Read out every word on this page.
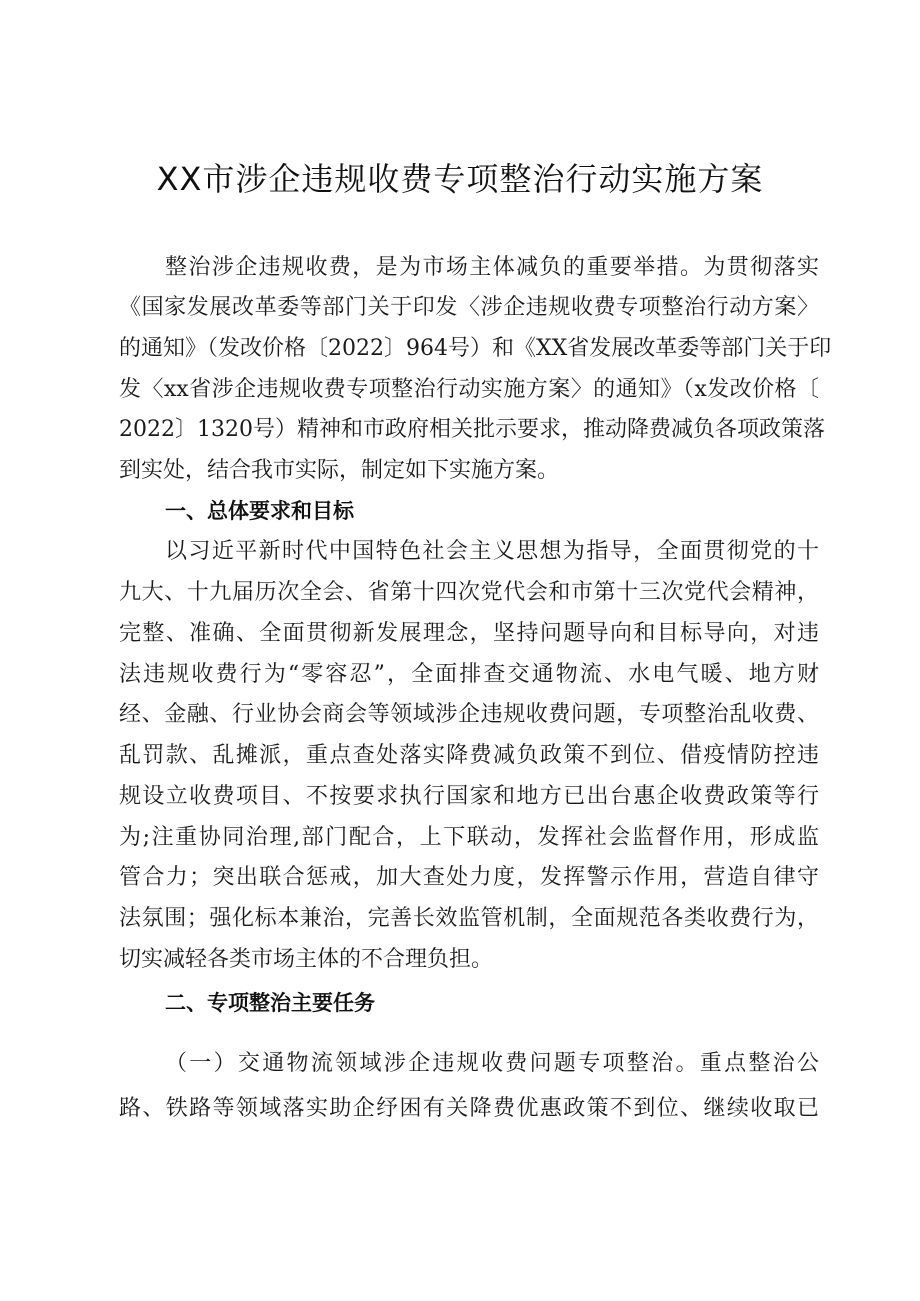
XX市涉企违规收费专项整治行动实施方案
整治涉企违规收费，是为市场主体减负的重要举措。为贯彻落实
《国家发展改革委等部门关于印发〈涉企违规收费专项整治行动方案〉
的通知》（发改价格〔2022〕964号）和《XX省发展改革委等部门关于印
发〈xx省涉企违规收费专项整治行动实施方案〉的通知》（x发改价格〔
2022〕1320号）精神和市政府相关批示要求，推动降费减负各项政策落
到实处，结合我市实际，制定如下实施方案。
一、总体要求和目标
以习近平新时代中国特色社会主义思想为指导，全面贯彻党的十
九大、十九届历次全会、省第十四次党代会和市第十三次党代会精神，
完整、准确、全面贯彻新发展理念，坚持问题导向和目标导向，对违
法违规收费行为“零容忍”，全面排查交通物流、水电气暖、地方财
经、金融、行业协会商会等领域涉企违规收费问题，专项整治乱收费、
乱罚款、乱摊派，重点查处落实降费减负政策不到位、借疫情防控违
规设立收费项目、不按要求执行国家和地方已出台惠企收费政策等行
为;注重协同治理,部门配合，上下联动，发挥社会监督作用，形成监
管合力；突出联合惩戒，加大查处力度，发挥警示作用，营造自律守
法氛围；强化标本兼治，完善长效监管机制，全面规范各类收费行为，
切实减轻各类市场主体的不合理负担。
二、专项整治主要任务
（一）交通物流领域涉企违规收费问题专项整治。重点整治公
路、铁路等领域落实助企纾困有关降费优惠政策不到位、继续收取已
